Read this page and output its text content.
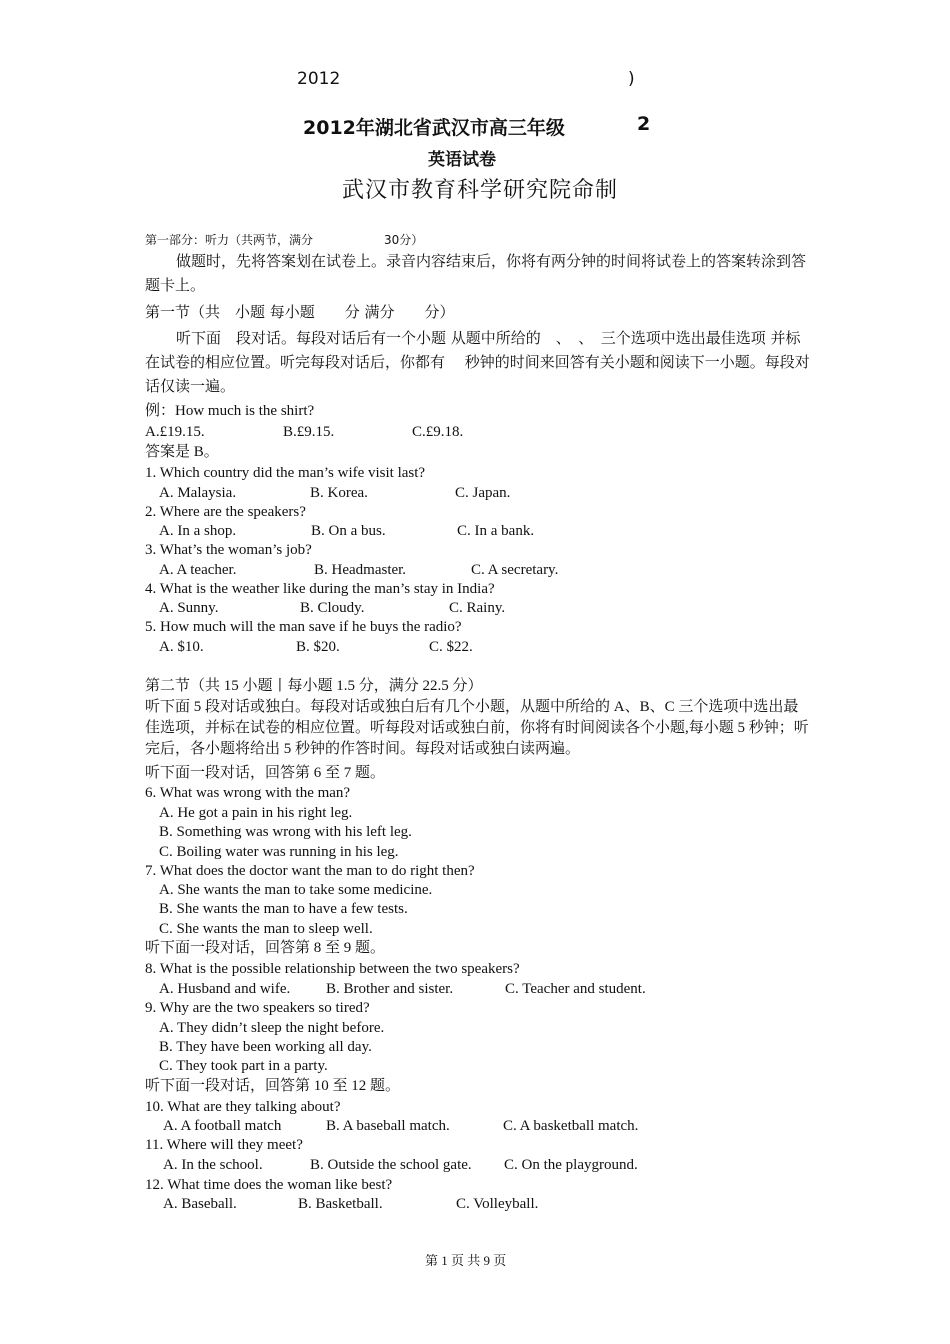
2012	)
2012年湖北省武汉市高三年级	2
英语试卷
武汉市教育科学研究院命制
第一部分：听力（共两节，满分	30分）
做题时，先将答案划在试卷上。录音内容结束后，你将有两分钟的时间将试卷上的答案转涂到答题卡上。
第一节（共　小题 每小题　　分 满分　　分）
听下面　段对话。每段对话后有一个小题 从题中所给的　、　、　三个选项中选出最佳选项 并标在试卷的相应位置。听完每段对话后，你都有　 秒钟的时间来回答有关小题和阅读下一小题。每段对话仅读一遍。
例：How much is the shirt?
A.£19.15.	B.£9.15.	C.£9.18.
答案是 B。
1. Which country did the man’s wife visit last?
A. Malaysia.	B. Korea.	C. Japan.
2. Where are the speakers?
A. In a shop.	B. On a bus.	C. In a bank.
3. What’s the woman’s job?
A. A teacher.	B. Headmaster.	C. A secretary.
4. What is the weather like during the man’s stay in India?
A. Sunny.	B. Cloudy.	C. Rainy.
5. How much will the man save if he buys the radio?
A. $10.	B. $20.	C. $22.
第二节（共 15 小题丨每小题 1.5 分，满分 22.5 分）
听下面 5 段对话或独白。每段对话或独白后有几个小题，从题中所给的 A、B、C 三个选项中选出最佳选项，并标在试卷的相应位置。听每段对话或独白前，你将有时间阅读各个小题,每小题 5 秒钟；听完后，各小题将给出 5 秒钟的作答时间。每段对话或独白读两遍。
听下面一段对话，回答第 6 至 7 题。
6. What was wrong with the man?
A. He got a pain in his right leg.
B. Something was wrong with his left leg.
C. Boiling water was running in his leg.
7. What does the doctor want the man to do right then?
A. She wants the man to take some medicine.
B. She wants the man to have a few tests.
C. She wants the man to sleep well.
听下面一段对话，回答第 8 至 9 题。
8. What is the possible relationship between the two speakers?
A. Husband and wife. B. Brother and sister.	C. Teacher and student.
9. Why are the two speakers so tired?
A. They didn’t sleep the night before.
B. They have been working all day.
C. They took part in a party.
听下面一段对话，回答第 10 至 12 题。
10. What are they talking about?
A. A football match	B. A baseball match.	C. A basketball match.
11. Where will they meet?
A. In the school.	B. Outside the school gate. C. On the playground.
12. What time does the woman like best?
A. Baseball.	B. Basketball.	C. Volleyball.
第 1 页 共 9 页
